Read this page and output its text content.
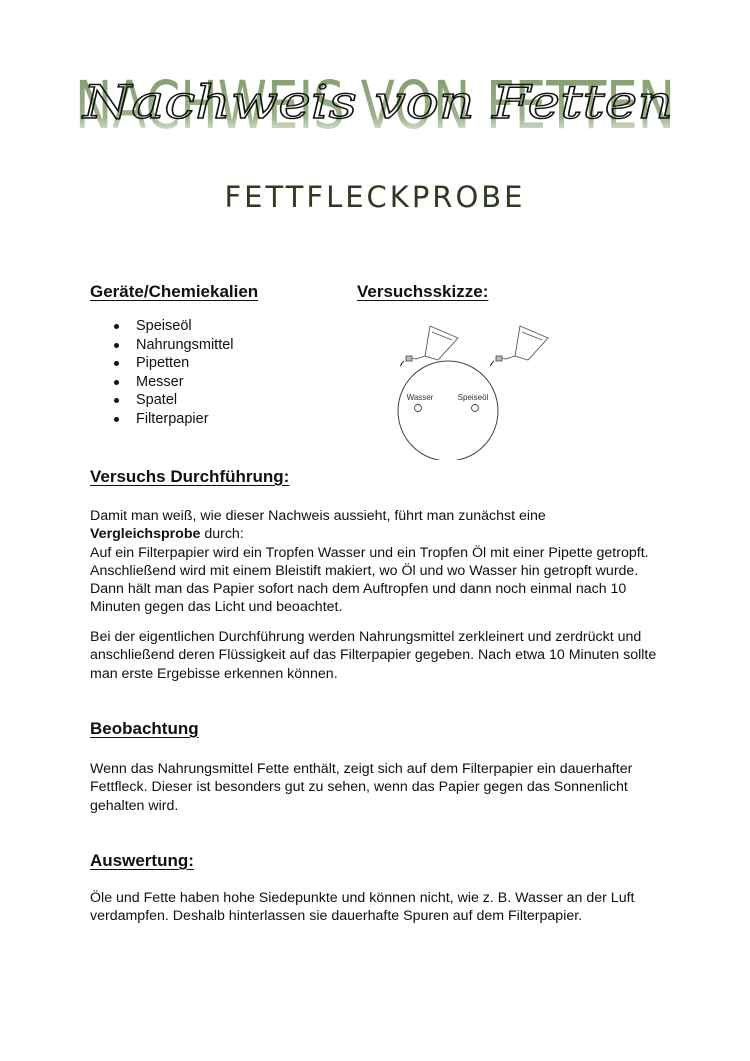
NACHWEIS VON FETTEN
Nachweis von Fetten
FETTFLECKPROBE
Geräte/Chemiekalien
Speiseöl
Nahrungsmittel
Pipetten
Messer
Spatel
Filterpapier
Versuchsskizze:
Wasser	Speiseöl
Versuchs Durchführung:

Damit man weiß, wie dieser Nachweis aussieht, führt man zunächst eine
Vergleichsprobe durch:
Auf ein Filterpapier wird ein Tropfen Wasser und ein Tropfen Öl mit einer Pipette getropft. Anschließend wird mit einem Bleistift makiert, wo Öl und wo Wasser hin getropft wurde. Dann hält man das Papier sofort nach dem Auftropfen und dann noch einmal nach 10 Minuten gegen das Licht und beoachtet.

Bei der eigentlichen Durchführung werden Nahrungsmittel zerkleinert und zerdrückt und anschließend deren Flüssigkeit auf das Filterpapier gegeben. Nach etwa 10 Minuten sollte man erste Ergebisse erkennen können.

Beobachtung

Wenn das Nahrungsmittel Fette enthält, zeigt sich auf dem Filterpapier ein dauerhafter Fettfleck. Dieser ist besonders gut zu sehen, wenn das Papier gegen das Sonnenlicht gehalten wird.

Auswertung:

Öle und Fette haben hohe Siedepunkte und können nicht, wie z. B. Wasser an der Luft verdampfen. Deshalb hinterlassen sie dauerhafte Spuren auf dem Filterpapier.
